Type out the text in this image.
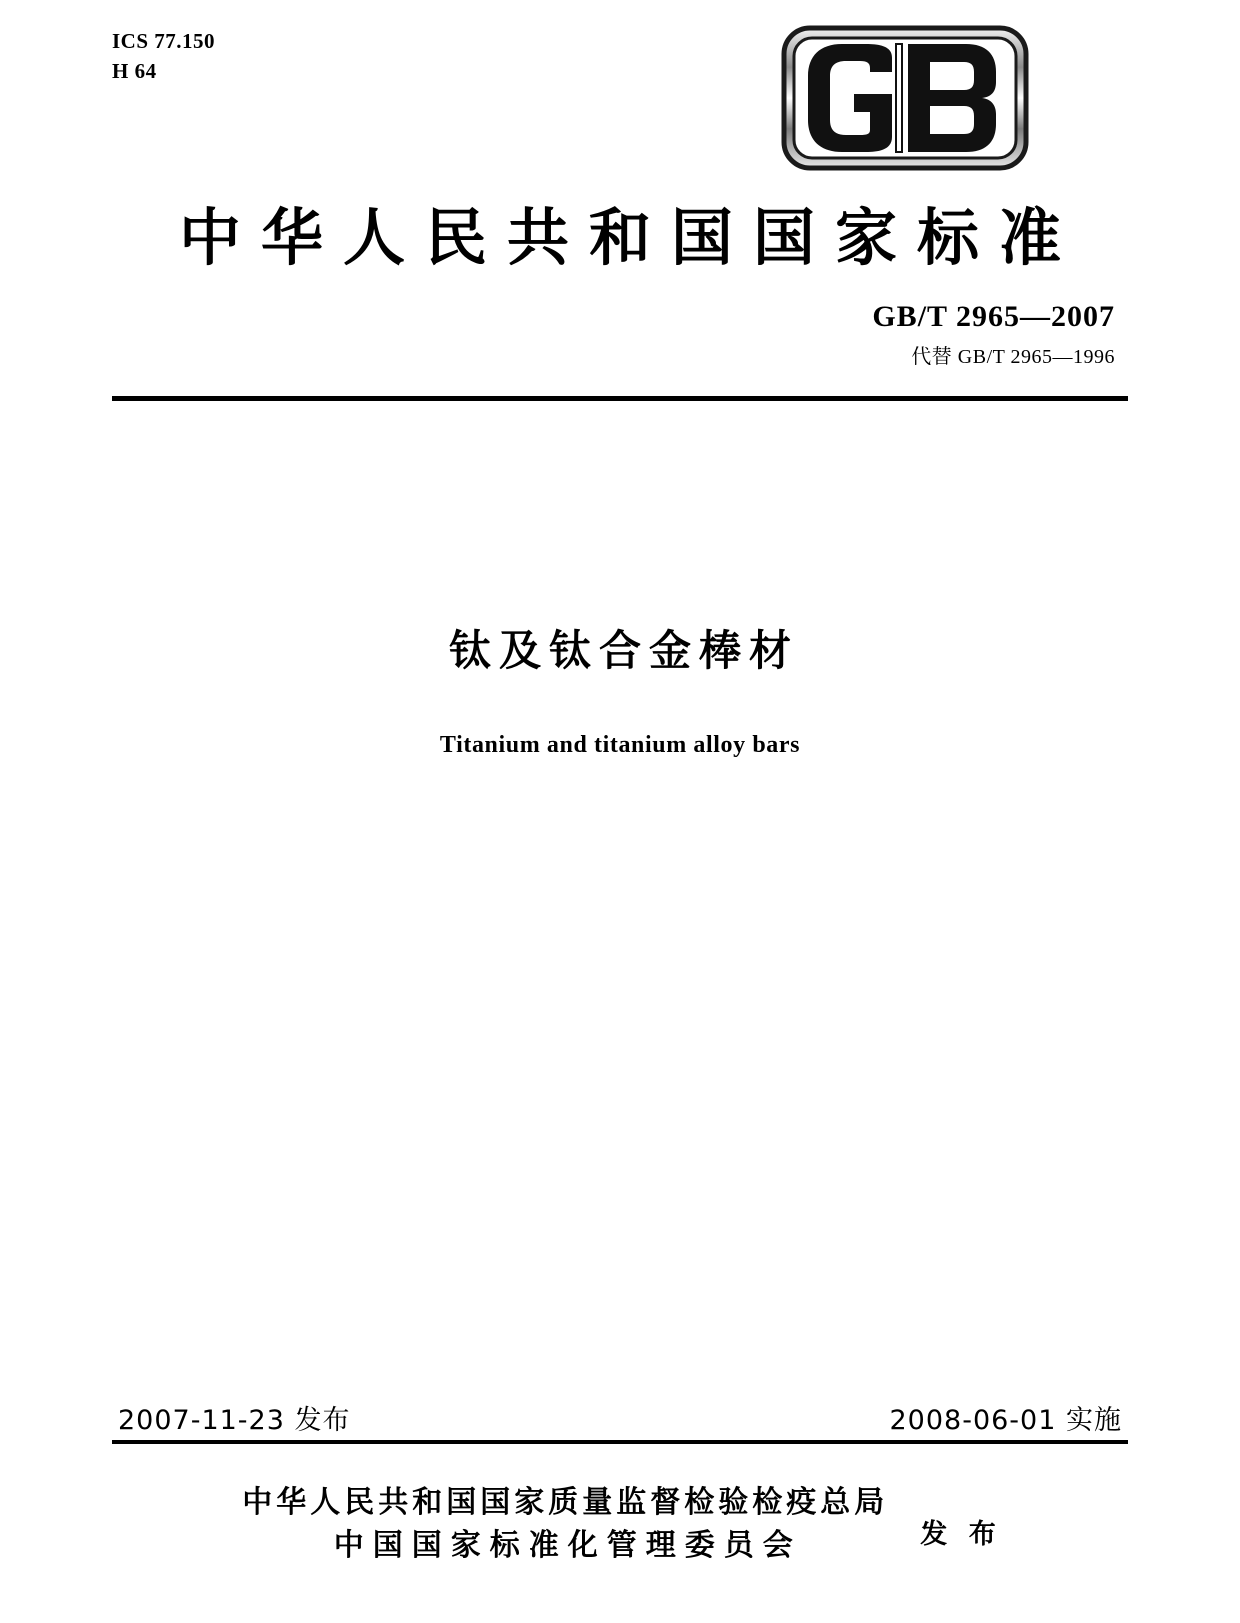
ICS 77.150
H 64
中华人民共和国国家标准
GB/T 2965—2007
代替 GB/T 2965—1996
钛及钛合金棒材
Titanium and titanium alloy bars
2007-11-23 发布	2008-06-01 实施
中华人民共和国国家质量监督检验检疫总局
中国国家标准化管理委员会	发 布
